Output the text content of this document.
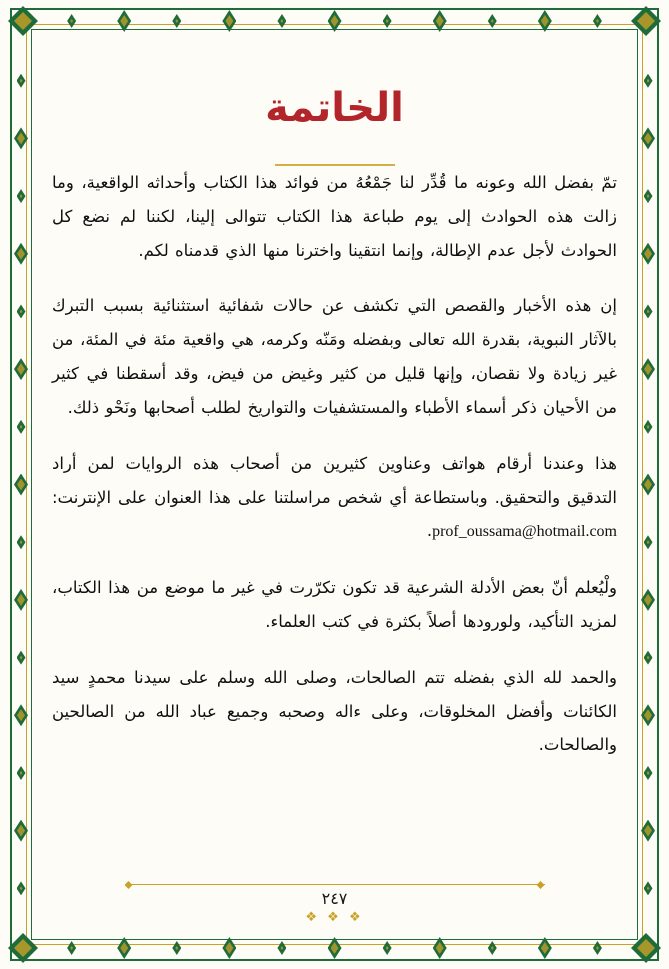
الخاتمة

تمّ بفضل الله وعونه ما قُدِّر لنا جَمْعُهُ من فوائد هذا الكتاب وأحداثه الواقعية، وما زالت هذه الحوادث إلى يوم طباعة هذا الكتاب تتوالى إلينا، لكننا لم نضع كل الحوادث لأجل عدم الإطالة، وإنما انتقينا واخترنا منها الذي قدمناه لكم.

إن هذه الأخبار والقصص التي تكشف عن حالات شفائية استثنائية بسبب التبرك بالآثار النبوية، بقدرة الله تعالى وبفضله ومَنّه وكرمه، هي واقعية مئة في المئة، من غير زيادة ولا نقصان، وإنها قليل من كثير وغيض من فيض، وقد أسقطنا في كثير من الأحيان ذكر أسماء الأطباء والمستشفيات والتواريخ لطلب أصحابها ونَحْو ذلك.

هذا وعندنا أرقام هواتف وعناوين كثيرين من أصحاب هذه الروايات لمن أراد التدقيق والتحقيق. وباستطاعة أي شخص مراسلتنا على هذا العنوان على الإنترنت: prof_oussama@hotmail.com.

ولْيُعلم أنّ بعض الأدلة الشرعية قد تكون تكرّرت في غير ما موضع من هذا الكتاب، لمزيد التأكيد، ولورودها أصلاً بكثرة في كتب العلماء.

والحمد لله الذي بفضله تتم الصالحات، وصلى الله وسلم على سيدنا محمدٍ سيد الكائنات وأفضل المخلوقات، وعلى ءاله وصحبه وجميع عباد الله من الصالحين والصالحات.

٢٤٧
❖ ❖ ❖
